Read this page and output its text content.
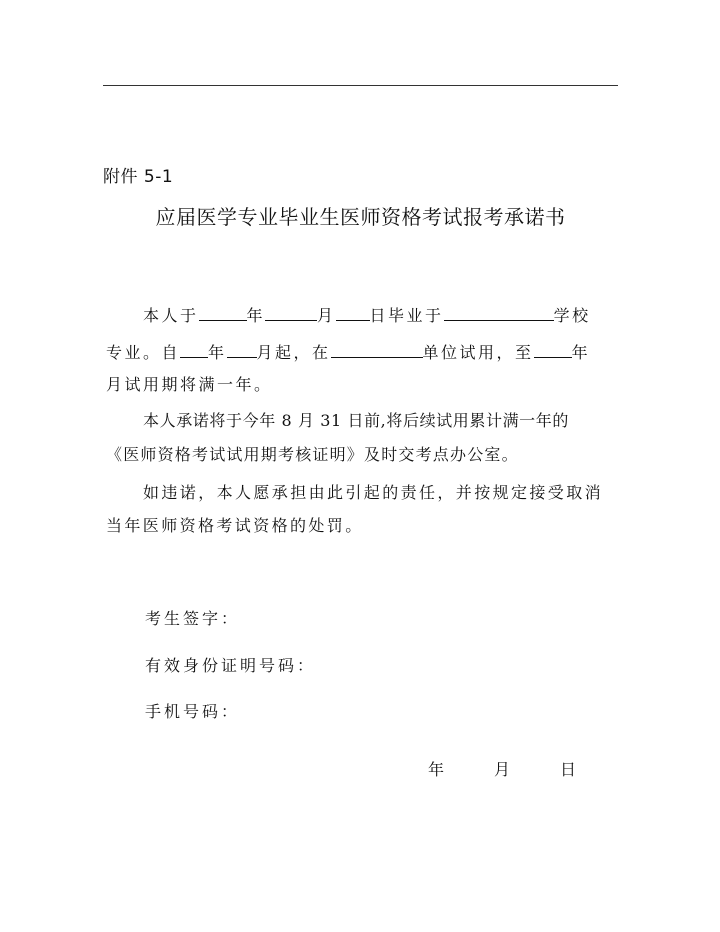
附件 5-1
应届医学专业毕业生医师资格考试报考承诺书
本人于	年	月 日毕业于	学校
专业。自 年 月起，在	单位试用，至 年
月试用期将满一年。
本人承诺将于今年 8 月 31 日前,将后续试用累计满一年的
《医师资格考试试用期考核证明》及时交考点办公室。
如违诺，本人愿承担由此引起的责任，并按规定接受取消
当年医师资格考试资格的处罚。
考生签字：
有效身份证明号码：
手机号码：
年	月	日
